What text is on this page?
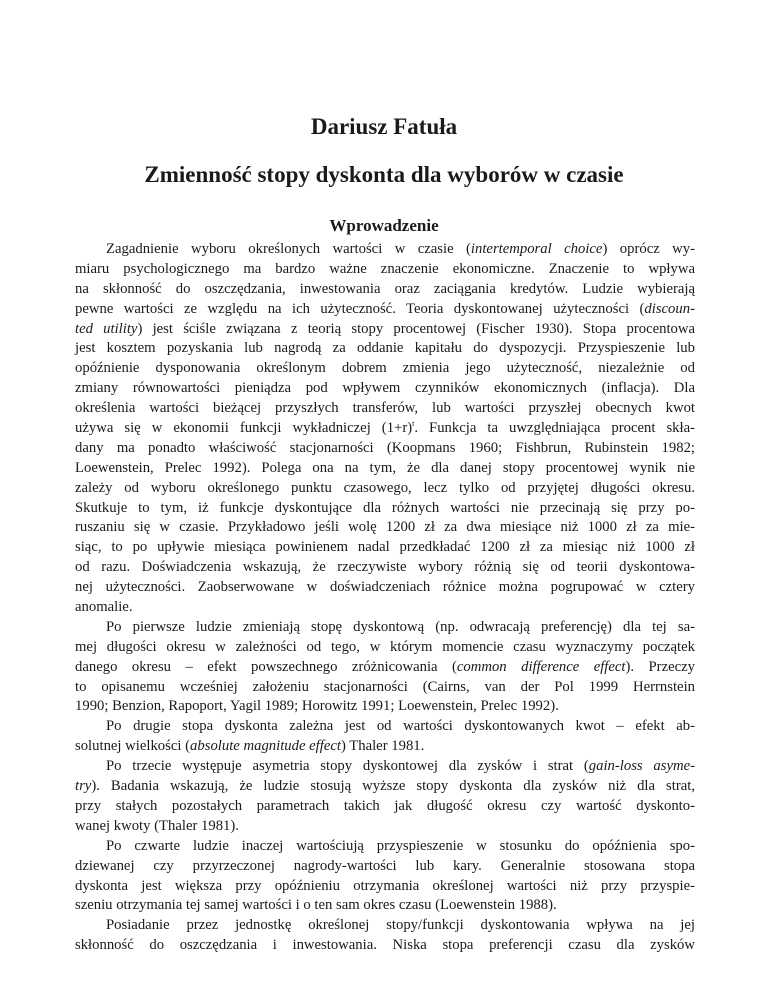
Dariusz Fatuła
Zmienność stopy dyskonta dla wyborów w czasie
Wprowadzenie
Zagadnienie wyboru określonych wartości w czasie (intertemporal choice) oprócz wy-
miaru psychologicznego ma bardzo ważne znaczenie ekonomiczne. Znaczenie to wpływa
na skłonność do oszczędzania, inwestowania oraz zaciągania kredytów. Ludzie wybierają
pewne wartości ze względu na ich użyteczność. Teoria dyskontowanej użyteczności (discoun-
ted utility) jest ściśle związana z teorią stopy procentowej (Fischer 1930). Stopa procentowa
jest kosztem pozyskania lub nagrodą za oddanie kapitału do dyspozycji. Przyspieszenie lub
opóźnienie dysponowania określonym dobrem zmienia jego użyteczność, niezależnie od
zmiany równowartości pieniądza pod wpływem czynników ekonomicznych (inflacja). Dla
określenia wartości bieżącej przyszłych transferów, lub wartości przyszłej obecnych kwot
używa się w ekonomii funkcji wykładniczej $(1+r)^t$. Funkcja ta uwzględniająca procent skła-
dany ma ponadto właściwość stacjonarności (Koopmans 1960; Fishbrun, Rubinstein 1982;
Loewenstein, Prelec 1992). Polega ona na tym, że dla danej stopy procentowej wynik nie
zależy od wyboru określonego punktu czasowego, lecz tylko od przyjętej długości okresu.
Skutkuje to tym, iż funkcje dyskontujące dla różnych wartości nie przecinają się przy po-
ruszaniu się w czasie. Przykładowo jeśli wolę 1200 zł za dwa miesiące niż 1000 zł za mie-
siąc, to po upływie miesiąca powinienem nadal przedkładać 1200 zł za miesiąc niż 1000 zł
od razu. Doświadczenia wskazują, że rzeczywiste wybory różnią się od teorii dyskontowa-
nej użyteczności. Zaobserwowane w doświadczeniach różnice można pogrupować w cztery
anomalie.
Po pierwsze ludzie zmieniają stopę dyskontową (np. odwracają preferencję) dla tej sa-
mej długości okresu w zależności od tego, w którym momencie czasu wyznaczymy początek
danego okresu – efekt powszechnego zróżnicowania (common difference effect). Przeczy
to opisanemu wcześniej założeniu stacjonarności (Cairns, van der Pol 1999 Herrnstein
1990; Benzion, Rapoport, Yagil 1989; Horowitz 1991; Loewenstein, Prelec 1992).
Po drugie stopa dyskonta zależna jest od wartości dyskontowanych kwot – efekt ab-
solutnej wielkości (absolute magnitude effect) Thaler 1981.
Po trzecie występuje asymetria stopy dyskontowej dla zysków i strat (gain-loss asyme-
try). Badania wskazują, że ludzie stosują wyższe stopy dyskonta dla zysków niż dla strat,
przy stałych pozostałych parametrach takich jak długość okresu czy wartość dyskonto-
wanej kwoty (Thaler 1981).
Po czwarte ludzie inaczej wartościują przyspieszenie w stosunku do opóźnienia spo-
dziewanej czy przyrzeczonej nagrody-wartości lub kary. Generalnie stosowana stopa
dyskonta jest większa przy opóźnieniu otrzymania określonej wartości niż przy przyspie-
szeniu otrzymania tej samej wartości i o ten sam okres czasu (Loewenstein 1988).
Posiadanie przez jednostkę określonej stopy/funkcji dyskontowania wpływa na jej
skłonność do oszczędzania i inwestowania. Niska stopa preferencji czasu dla zysków
